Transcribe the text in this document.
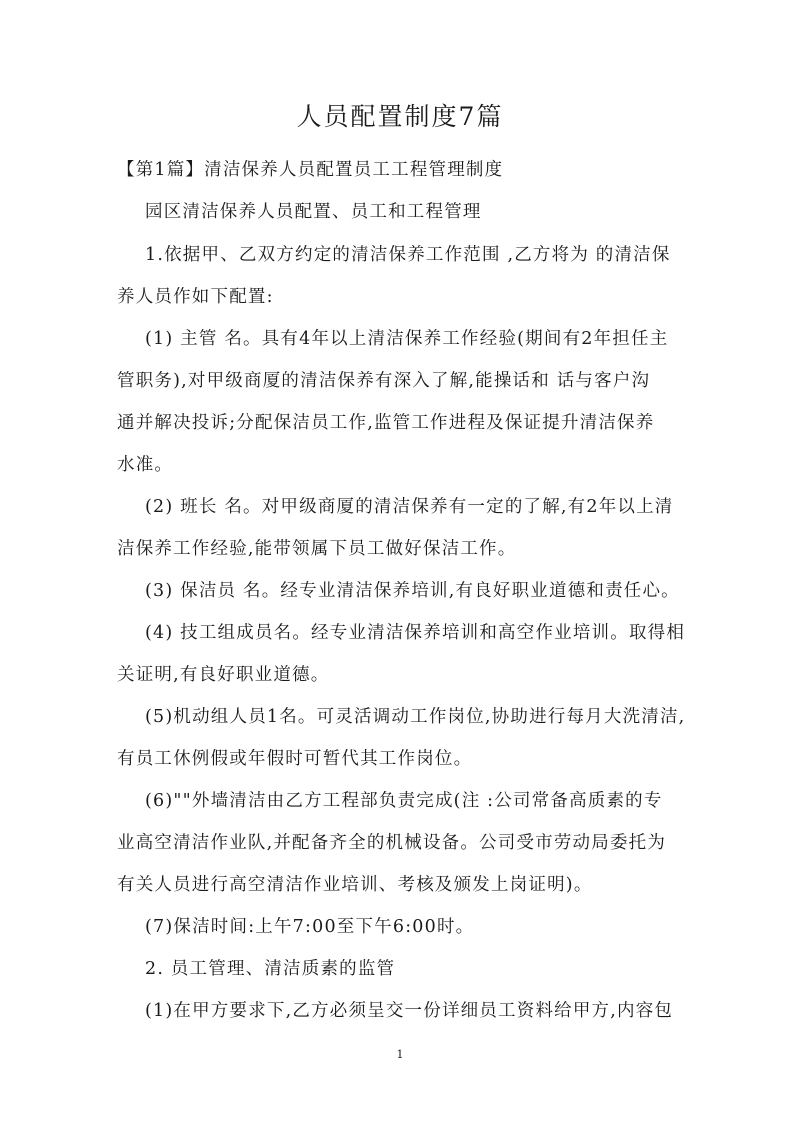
人员配置制度7篇
【第1篇】清洁保养人员配置员工工程管理制度
园区清洁保养人员配置、员工和工程管理
1.依据甲、乙双方约定的清洁保养工作范围 ,乙方将为 的清洁保
养人员作如下配置:
(1) 主管 名。具有4年以上清洁保养工作经验(期间有2年担任主
管职务),对甲级商厦的清洁保养有深入了解,能操话和 话与客户沟
通并解决投诉;分配保洁员工作,监管工作进程及保证提升清洁保养
水准。
(2) 班长 名。对甲级商厦的清洁保养有一定的了解,有2年以上清
洁保养工作经验,能带领属下员工做好保洁工作。
(3) 保洁员 名。经专业清洁保养培训,有良好职业道德和责任心。
(4) 技工组成员名。经专业清洁保养培训和高空作业培训。取得相
关证明,有良好职业道德。
(5)机动组人员1名。可灵活调动工作岗位,协助进行每月大洗清洁,
有员工休例假或年假时可暂代其工作岗位。
(6)""外墙清洁由乙方工程部负责完成(注 :公司常备高质素的专
业高空清洁作业队,并配备齐全的机械设备。公司受市劳动局委托为
有关人员进行高空清洁作业培训、考核及颁发上岗证明)。
(7)保洁时间:上午7:00至下午6:00时。
2. 员工管理、清洁质素的监管
(1)在甲方要求下,乙方必须呈交一份详细员工资料给甲方,内容包
1
